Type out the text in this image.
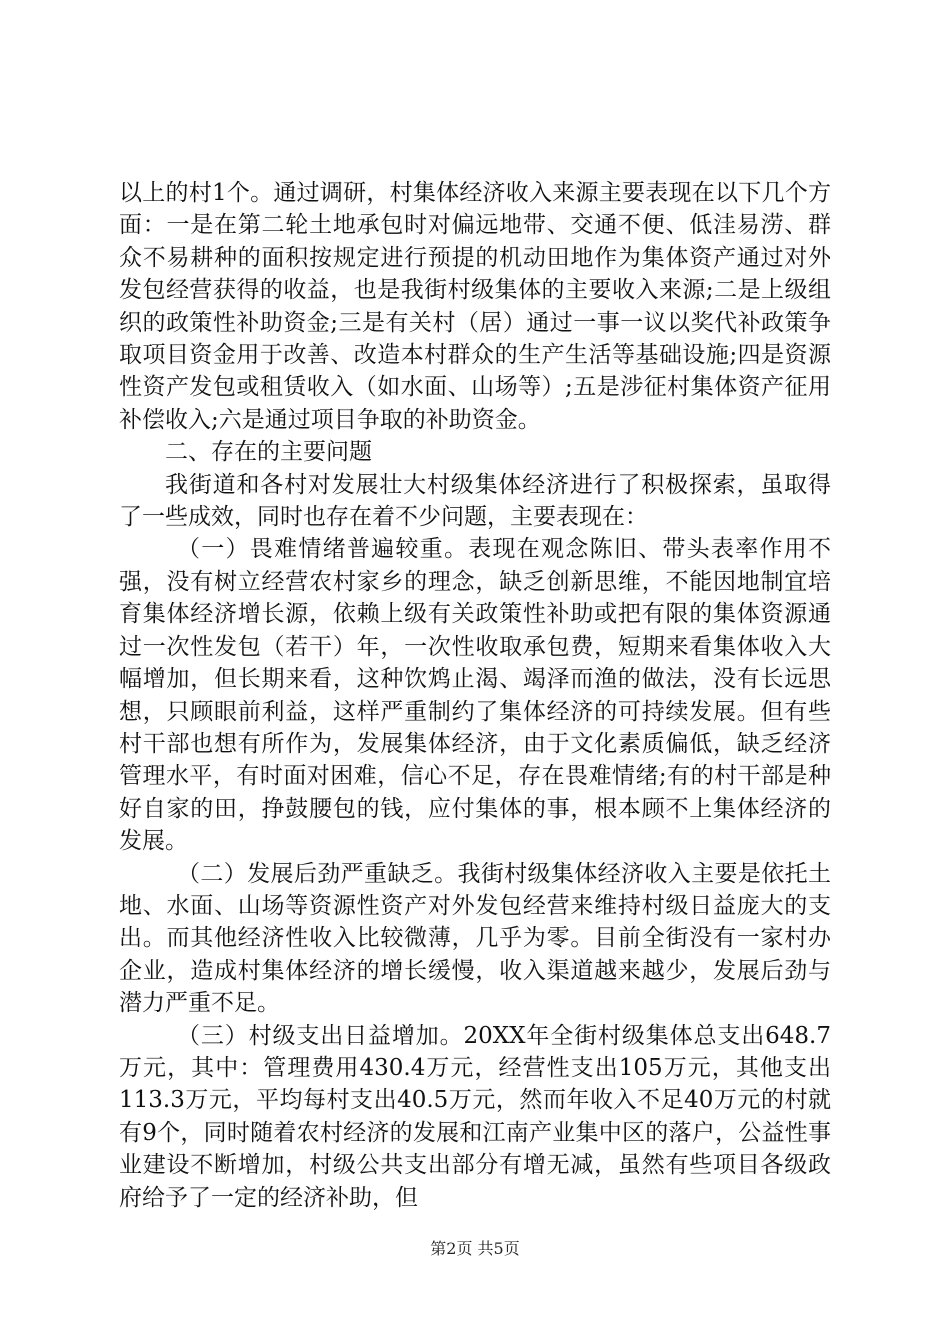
以上的村1个。通过调研，村集体经济收入来源主要表现在以下几个方面：一是在第二轮土地承包时对偏远地带、交通不便、低洼易涝、群众不易耕种的面积按规定进行预提的机动田地作为集体资产通过对外发包经营获得的收益，也是我街村级集体的主要收入来源;二是上级组织的政策性补助资金;三是有关村（居）通过一事一议以奖代补政策争取项目资金用于改善、改造本村群众的生产生活等基础设施;四是资源性资产发包或租赁收入（如水面、山场等）;五是涉征村集体资产征用补偿收入;六是通过项目争取的补助资金。

二、存在的主要问题

我街道和各村对发展壮大村级集体经济进行了积极探索，虽取得了一些成效，同时也存在着不少问题，主要表现在：

（一）畏难情绪普遍较重。表现在观念陈旧、带头表率作用不强，没有树立经营农村家乡的理念，缺乏创新思维，不能因地制宜培育集体经济增长源，依赖上级有关政策性补助或把有限的集体资源通过一次性发包（若干）年，一次性收取承包费，短期来看集体收入大幅增加，但长期来看，这种饮鸩止渴、竭泽而渔的做法，没有长远思想，只顾眼前利益，这样严重制约了集体经济的可持续发展。但有些村干部也想有所作为，发展集体经济，由于文化素质偏低，缺乏经济管理水平，有时面对困难，信心不足，存在畏难情绪;有的村干部是种好自家的田，挣鼓腰包的钱，应付集体的事，根本顾不上集体经济的发展。

（二）发展后劲严重缺乏。我街村级集体经济收入主要是依托土地、水面、山场等资源性资产对外发包经营来维持村级日益庞大的支出。而其他经济性收入比较微薄，几乎为零。目前全街没有一家村办企业，造成村集体经济的增长缓慢，收入渠道越来越少，发展后劲与潜力严重不足。

（三）村级支出日益增加。20XX年全街村级集体总支出648.7万元，其中：管理费用430.4万元，经营性支出105万元，其他支出113.3万元，平均每村支出40.5万元，然而年收入不足40万元的村就有9个，同时随着农村经济的发展和江南产业集中区的落户，公益性事业建设不断增加，村级公共支出部分有增无减，虽然有些项目各级政府给予了一定的经济补助，但

第2页 共5页
